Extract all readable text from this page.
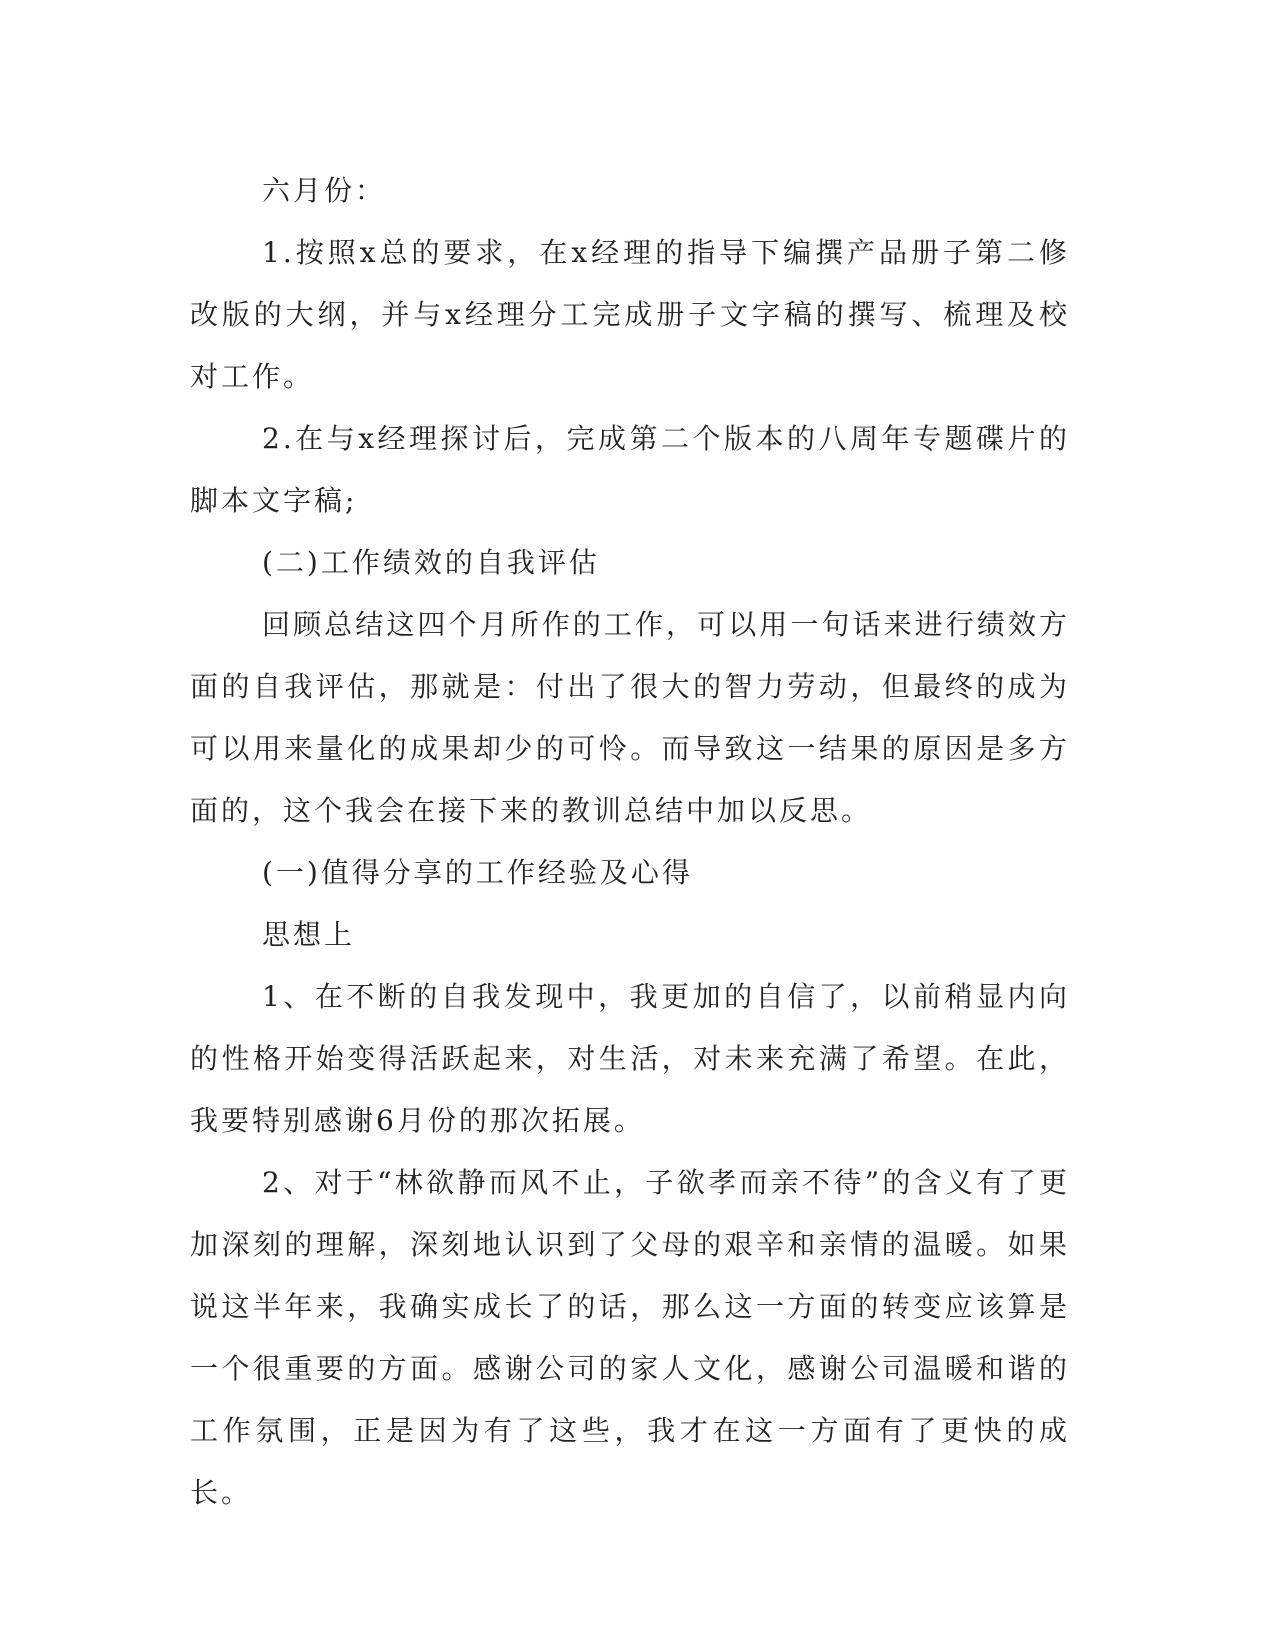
六月份：

1.按照x总的要求，在x经理的指导下编撰产品册子第二修改版的大纲，并与x经理分工完成册子文字稿的撰写、梳理及校对工作。

2.在与x经理探讨后，完成第二个版本的八周年专题碟片的脚本文字稿;

(二)工作绩效的自我评估

回顾总结这四个月所作的工作，可以用一句话来进行绩效方面的自我评估，那就是：付出了很大的智力劳动，但最终的成为可以用来量化的成果却少的可怜。而导致这一结果的原因是多方面的，这个我会在接下来的教训总结中加以反思。

(一)值得分享的工作经验及心得

思想上

1、在不断的自我发现中，我更加的自信了，以前稍显内向的性格开始变得活跃起来，对生活，对未来充满了希望。在此，我要特别感谢6月份的那次拓展。

2、对于“林欲静而风不止，子欲孝而亲不待”的含义有了更加深刻的理解，深刻地认识到了父母的艰辛和亲情的温暖。如果说这半年来，我确实成长了的话，那么这一方面的转变应该算是一个很重要的方面。感谢公司的家人文化，感谢公司温暖和谐的工作氛围，正是因为有了这些，我才在这一方面有了更快的成长。
